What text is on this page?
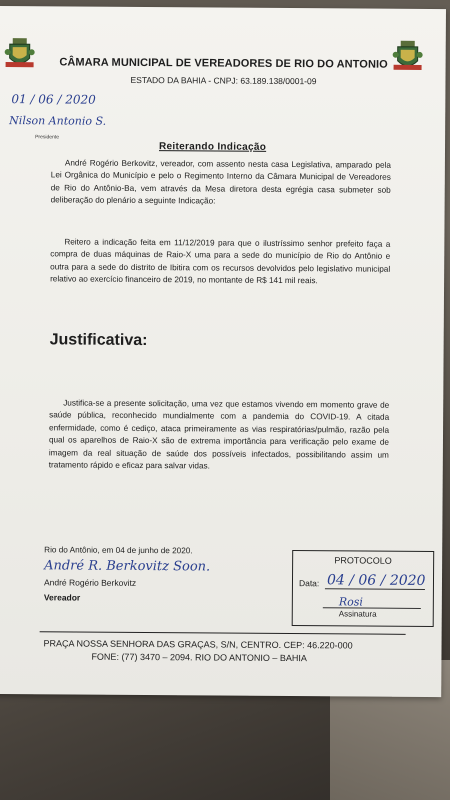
CÂMARA MUNICIPAL DE VEREADORES DE RIO DO ANTONIO
ESTADO DA BAHIA - CNPJ: 63.189.138/0001-09
01 / 06 / 2020
Nilson Antonio S.
Presidente
Reiterando Indicação
André Rogério Berkovitz, vereador, com assento nesta casa Legislativa, amparado pela Lei Orgânica do Município e pelo o Regimento Interno da Câmara Municipal de Vereadores de Rio do Antônio-Ba, vem através da Mesa diretora desta egrégia casa submeter sob deliberação do plenário a seguinte Indicação:
Reitero a indicação feita em 11/12/2019 para que o ilustríssimo senhor prefeito faça a compra de duas máquinas de Raio-X uma para a sede do município de Rio do Antônio e outra para a sede do distrito de Ibitira com os recursos devolvidos pelo legislativo municipal relativo ao exercício financeiro de 2019, no montante de R$ 141 mil reais.
Justificativa:
Justifica-se a presente solicitação, uma vez que estamos vivendo em momento grave de saúde pública, reconhecido mundialmente com a pandemia do COVID-19. A citada enfermidade, como é cediço, ataca primeiramente as vias respiratórias/pulmão, razão pela qual os aparelhos de Raio-X são de extrema importância para verificação pelo exame de imagem da real situação de saúde dos possíveis infectados, possibilitando assim um tratamento rápido e eficaz para salvar vidas.
Rio do Antônio, em 04 de junho de 2020.
André R. Berkovitz Soon.
André Rogério Berkovitz
Vereador
PROTOCOLO
Data: 04 / 06 / 2020
Rosi
Assinatura
PRAÇA NOSSA SENHORA DAS GRAÇAS, S/N, CENTRO. CEP: 46.220-000
FONE: (77) 3470 – 2094. RIO DO ANTONIO – BAHIA
